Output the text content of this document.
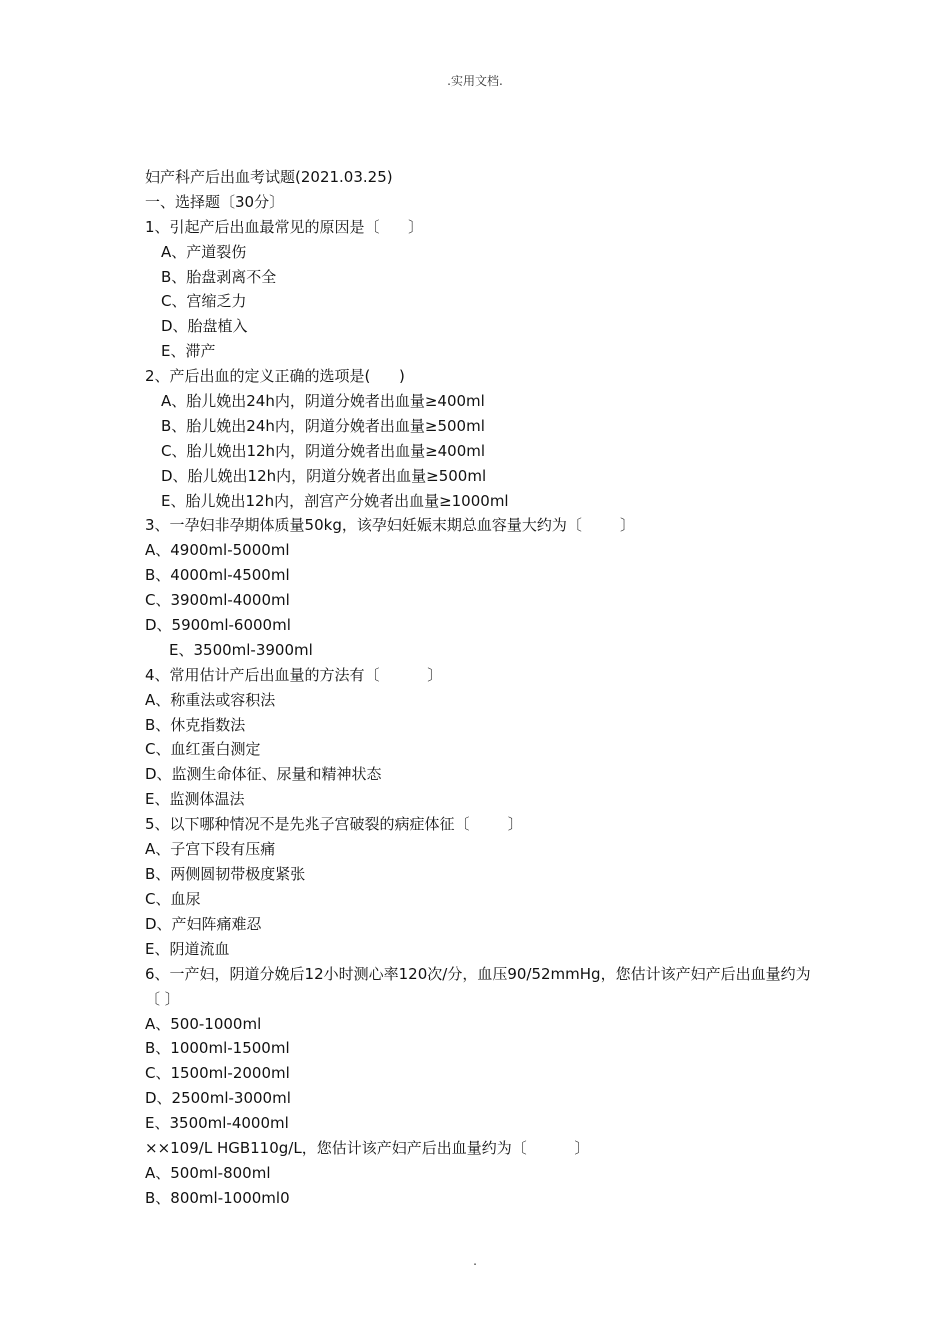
.实用文档.
妇产科产后出血考试题(2021.03.25)
一、选择题〔30分〕
1、引起产后出血最常见的原因是〔      〕
A、产道裂伤
B、胎盘剥离不全
C、宫缩乏力
D、胎盘植入
E、滞产
2、产后出血的定义正确的选项是(      )
A、胎儿娩出24h内，阴道分娩者出血量≥400ml
B、胎儿娩出24h内，阴道分娩者出血量≥500ml
C、胎儿娩出12h内，阴道分娩者出血量≥400ml
D、胎儿娩出12h内，阴道分娩者出血量≥500ml
E、胎儿娩出12h内，剖宫产分娩者出血量≥1000ml
3、一孕妇非孕期体质量50kg，该孕妇妊娠末期总血容量大约为〔        〕
A、4900ml-5000ml
B、4000ml-4500ml
C、3900ml-4000ml
D、5900ml-6000ml
E、3500ml-3900ml
4、常用估计产后出血量的方法有〔          〕
A、称重法或容积法
B、休克指数法
C、血红蛋白测定
D、监测生命体征、尿量和精神状态
E、监测体温法
5、以下哪种情况不是先兆子宫破裂的病症体征〔        〕
A、子宫下段有压痛
B、两侧圆韧带极度紧张
C、血尿
D、产妇阵痛难忍
E、阴道流血
6、一产妇，阴道分娩后12小时测心率120次/分，血压90/52mmHg，您估计该产妇产后出血量约为〔 〕
A、500-1000ml
B、1000ml-1500ml
C、1500ml-2000ml
D、2500ml-3000ml
E、3500ml-4000ml
××109/L HGB110g/L，您估计该产妇产后出血量约为〔          〕
A、500ml-800ml
B、800ml-1000ml0
.
